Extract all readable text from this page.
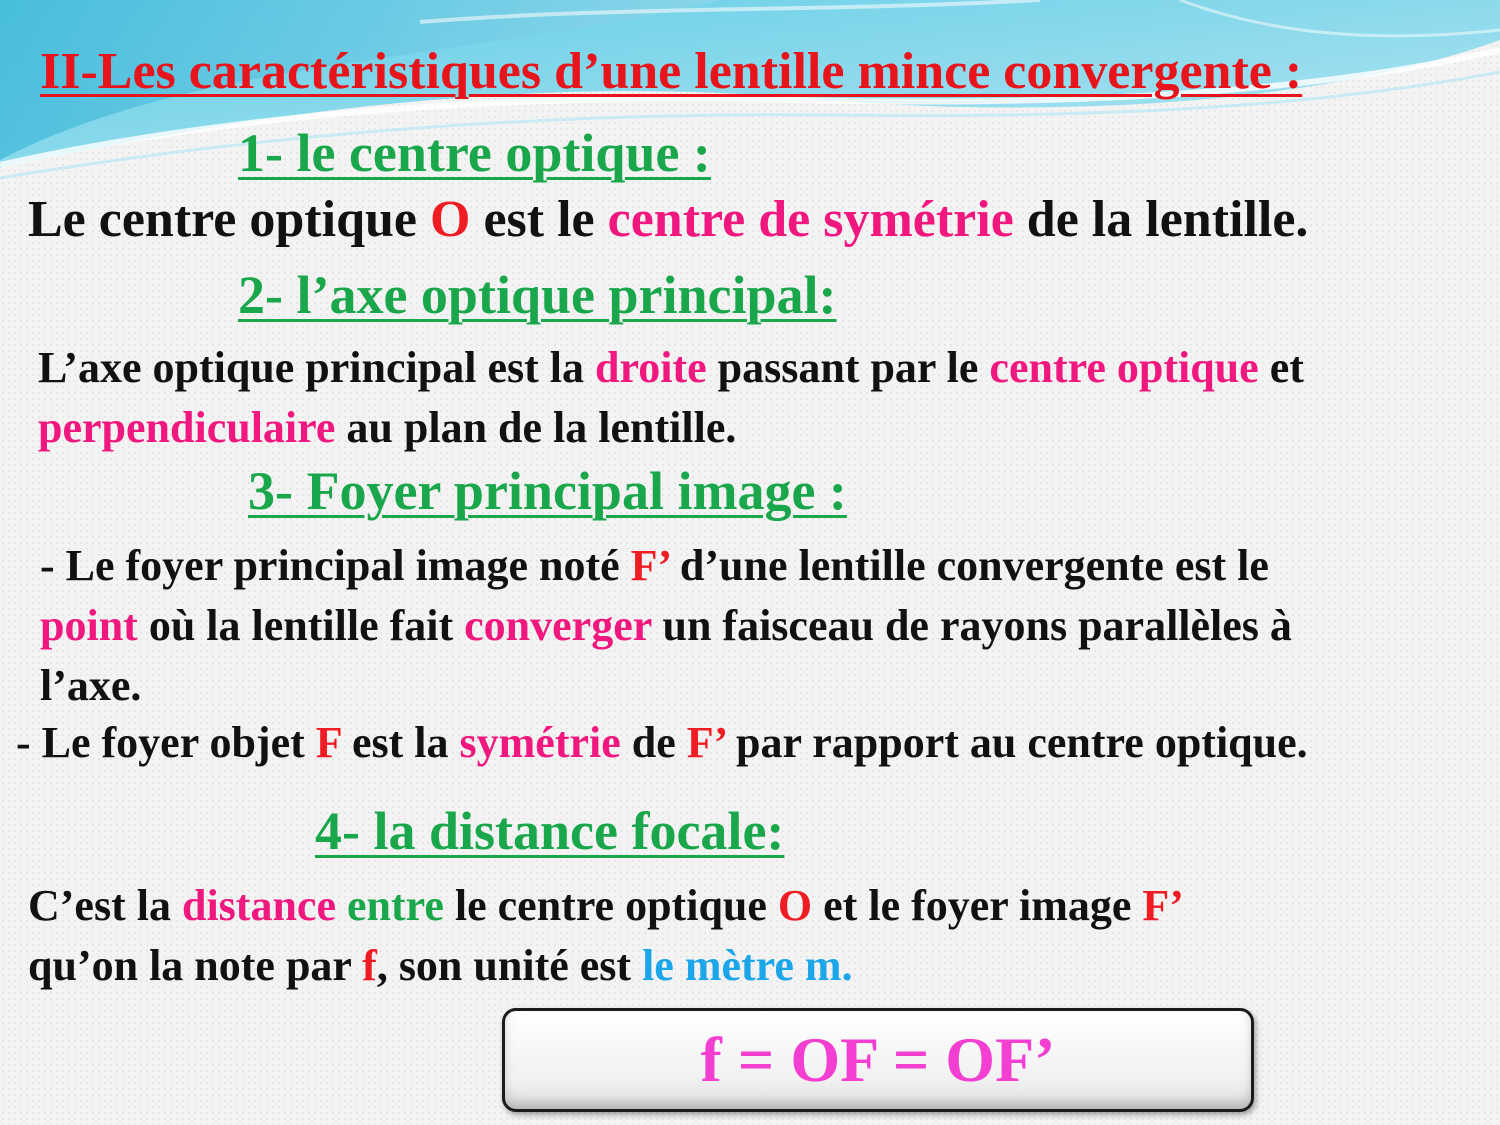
II-Les caractéristiques d’une lentille mince convergente :
1- le centre optique :
Le centre optique O est le centre de symétrie de la lentille.
2- l’axe optique principal:
L’axe optique principal est la droite passant par le centre optique et
perpendiculaire au plan de la lentille.
3- Foyer principal image :
- Le foyer principal image noté F’ d’une lentille convergente est le
point où la lentille fait converger un faisceau de rayons parallèles à
l’axe.
- Le foyer objet F est la symétrie de F’ par rapport au centre optique.
4- la distance focale:
C’est la distance entre le centre optique O et le foyer image F’
qu’on la note par f, son unité est le mètre m.
f = OF = OF’
